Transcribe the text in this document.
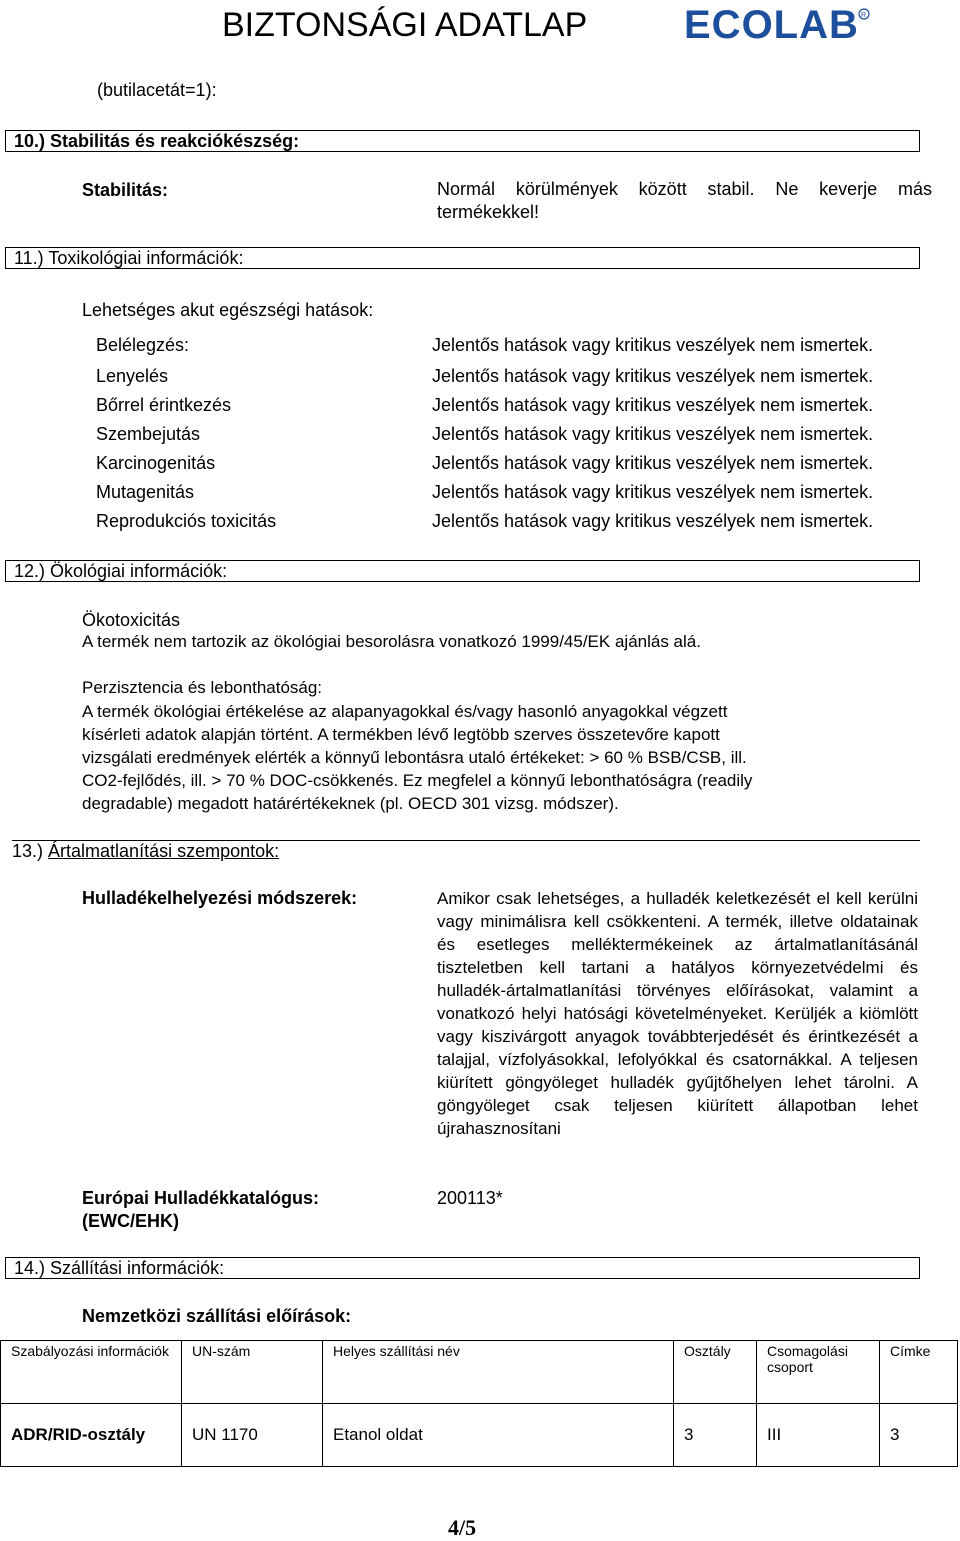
BIZTONSÁGI ADATLAP ECOLAB R
(butilacetát=1):
10.) Stabilitás és reakciókészség:
Stabilitás:	Normál körülmények között stabil. Ne keverje más
termékekkel!
11.) Toxikológiai információk:
Lehetséges akut egészségi hatások:
Belélegzés:	Jelentős hatások vagy kritikus veszélyek nem ismertek.
Lenyelés	Jelentős hatások vagy kritikus veszélyek nem ismertek.
Bőrrel érintkezés	Jelentős hatások vagy kritikus veszélyek nem ismertek.
Szembejutás	Jelentős hatások vagy kritikus veszélyek nem ismertek.
Karcinogenitás	Jelentős hatások vagy kritikus veszélyek nem ismertek.
Mutagenitás	Jelentős hatások vagy kritikus veszélyek nem ismertek.
Reprodukciós toxicitás	Jelentős hatások vagy kritikus veszélyek nem ismertek.
12.) Ökológiai információk:
Ökotoxicitás
A termék nem tartozik az ökológiai besorolásra vonatkozó 1999/45/EK ajánlás alá.
Perzisztencia és lebonthatóság:
A termék ökológiai értékelése az alapanyagokkal és/vagy hasonló anyagokkal végzett
kísérleti adatok alapján történt. A termékben lévő legtöbb szerves összetevőre kapott
vizsgálati eredmények elérték a könnyű lebontásra utaló értékeket: > 60 % BSB/CSB, ill.
CO2-fejlődés, ill. > 70 % DOC-csökkenés. Ez megfelel a könnyű lebonthatóságra (readily
degradable) megadott határértékeknek (pl. OECD 301 vizsg. módszer).
13.) Ártalmatlanítási szempontok:
Hulladékelhelyezési módszerek:	Amikor csak lehetséges, a hulladék keletkezését el kell kerülni vagy minimálisra kell csökkenteni. A termék, illetve oldatainak és esetleges melléktermékeinek az ártalmatlanításánál tiszteletben kell tartani a hatályos környezetvédelmi és hulladék-ártalmatlanítási törvényes előírásokat, valamint a vonatkozó helyi hatósági követelményeket. Kerüljék a kiömlött vagy kiszivárgott anyagok továbbterjedését és érintkezését a talajjal, vízfolyásokkal, lefolyókkal és csatornákkal. A teljesen kiürített göngyöleget hulladék gyűjtőhelyen lehet tárolni. A göngyöleget csak teljesen kiürített állapotban lehet újrahasznosítani
Európai Hulladékkatalógus:
(EWC/EHK)
200113*
14.) Szállítási információk:
Nemzetközi szállítási előírások:
Szabályozási információk	UN-szám	Helyes szállítási név	Osztály	Csomagolási csoport	Címke
ADR/RID-osztály	UN 1170	Etanol oldat	3	III	3
4/5
